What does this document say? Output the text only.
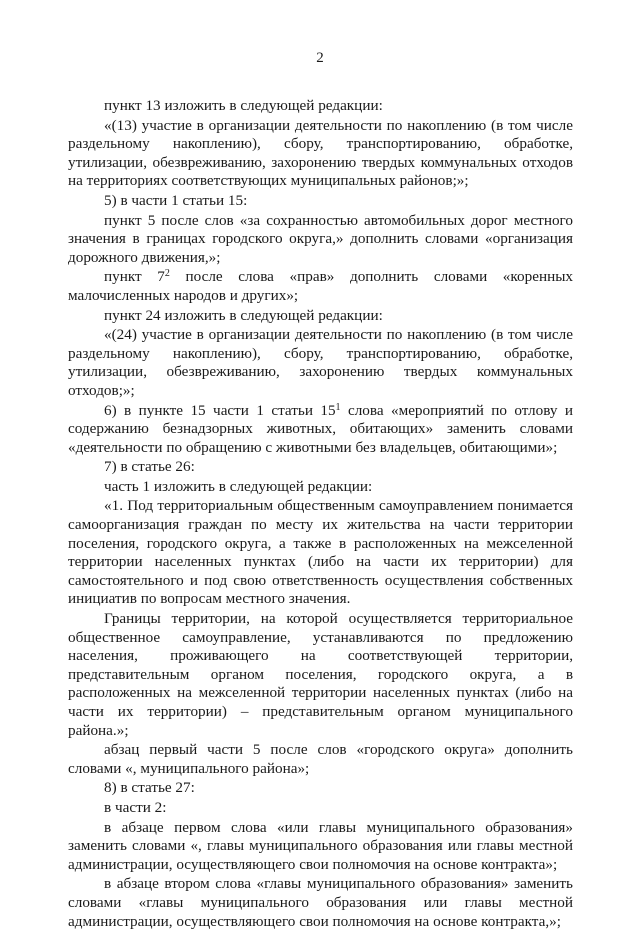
2

пункт 13 изложить в следующей редакции:

«(13) участие в организации деятельности по накоплению (в том числе раздельному накоплению), сбору, транспортированию, обработке, утилизации, обезвреживанию, захоронению твердых коммунальных отходов на территориях соответствующих муниципальных районов;»;

5) в части 1 статьи 15:

пункт 5 после слов «за сохранностью автомобильных дорог местного значения в границах городского округа,» дополнить словами «организация дорожного движения,»;

пункт $7^2$ после слова «прав» дополнить словами «коренных малочисленных народов и других»;

пункт 24 изложить в следующей редакции:

«(24) участие в организации деятельности по накоплению (в том числе раздельному накоплению), сбору, транспортированию, обработке, утилизации, обезвреживанию, захоронению твердых коммунальных отходов;»;

6) в пункте 15 части 1 статьи $15^1$ слова «мероприятий по отлову и содержанию безнадзорных животных, обитающих» заменить словами «деятельности по обращению с животными без владельцев, обитающими»;

7) в статье 26:

часть 1 изложить в следующей редакции:

«1. Под территориальным общественным самоуправлением понимается самоорганизация граждан по месту их жительства на части территории поселения, городского округа, а также в расположенных на межселенной территории населенных пунктах (либо на части их территории) для самостоятельного и под свою ответственность осуществления собственных инициатив по вопросам местного значения.

Границы территории, на которой осуществляется территориальное общественное самоуправление, устанавливаются по предложению населения, проживающего на соответствующей территории, представительным органом поселения, городского округа, а в расположенных на межселенной территории населенных пунктах (либо на части их территории) – представительным органом муниципального района.»;

абзац первый части 5 после слов «городского округа» дополнить словами «, муниципального района»;

8) в статье 27:

в части 2:

в абзаце первом слова «или главы муниципального образования» заменить словами «, главы муниципального образования или главы местной администрации, осуществляющего свои полномочия на основе контракта»;

в абзаце втором слова «главы муниципального образования» заменить словами «главы муниципального образования или главы местной администрации, осуществляющего свои полномочия на основе контракта,»;
